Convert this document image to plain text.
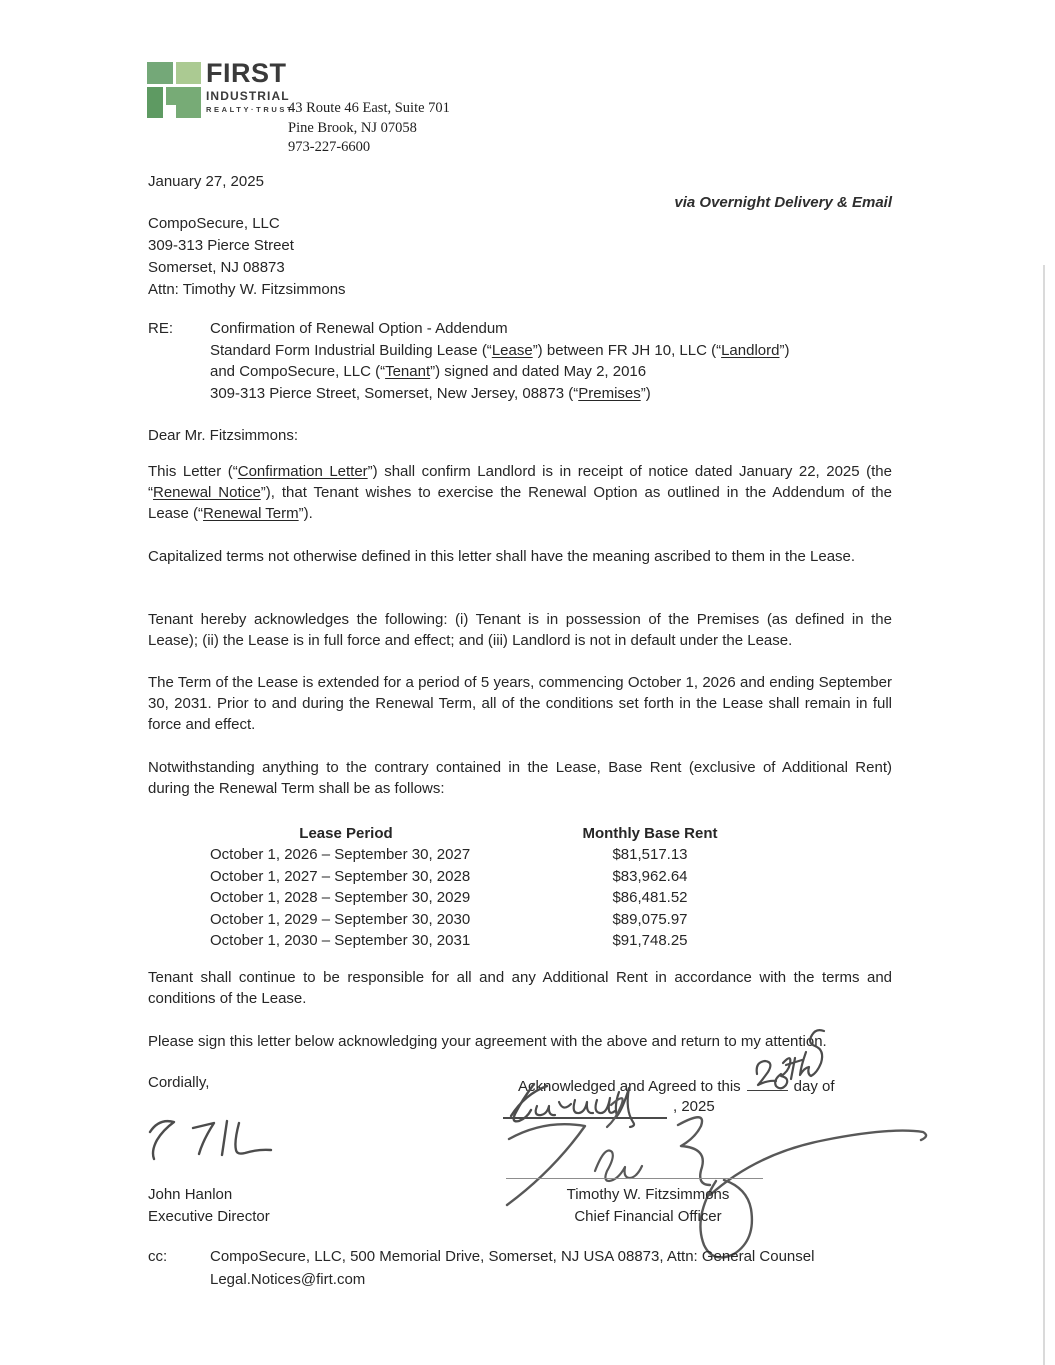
FIRST
INDUSTRIAL
REALTY·TRUST
43 Route 46 East, Suite 701
Pine Brook, NJ 07058
973-227-6600
January 27, 2025
via Overnight Delivery & Email
CompoSecure, LLC
309-313 Pierce Street
Somerset, NJ 08873
Attn: Timothy W. Fitzsimmons
RE:	Confirmation of Renewal Option - Addendum
Standard Form Industrial Building Lease (“Lease”) between FR JH 10, LLC (“Landlord”)
and CompoSecure, LLC (“Tenant”) signed and dated May 2, 2016
309-313 Pierce Street, Somerset, New Jersey, 08873 (“Premises”)
Dear Mr. Fitzsimmons:
This Letter (“Confirmation Letter”) shall confirm Landlord is in receipt of notice dated January 22, 2025 (the “Renewal Notice”), that Tenant wishes to exercise the Renewal Option as outlined in the Addendum of the Lease (“Renewal Term”).
Capitalized terms not otherwise defined in this letter shall have the meaning ascribed to them in the Lease.
Tenant hereby acknowledges the following: (i) Tenant is in possession of the Premises (as defined in the Lease); (ii) the Lease is in full force and effect; and (iii) Landlord is not in default under the Lease.
The Term of the Lease is extended for a period of 5 years, commencing October 1, 2026 and ending September 30, 2031. Prior to and during the Renewal Term, all of the conditions set forth in the Lease shall remain in full force and effect.
Notwithstanding anything to the contrary contained in the Lease, Base Rent (exclusive of Additional Rent) during the Renewal Term shall be as follows:
Lease Period	Monthly Base Rent
October 1, 2026 – September 30, 2027	$81,517.13
October 1, 2027 – September 30, 2028	$83,962.64
October 1, 2028 – September 30, 2029	$86,481.52
October 1, 2029 – September 30, 2030	$89,075.97
October 1, 2030 – September 30, 2031	$91,748.25
Tenant shall continue to be responsible for all and any Additional Rent in accordance with the terms and conditions of the Lease.
Please sign this letter below acknowledging your agreement with the above and return to my attention.
Cordially,
John Hanlon
Executive Director
Acknowledged and Agreed to this	day of
, 2025
Timothy W. Fitzsimmons
Chief Financial Officer
cc:	CompoSecure, LLC, 500 Memorial Drive, Somerset, NJ USA 08873, Attn: General Counsel
Legal.Notices@firt.com
